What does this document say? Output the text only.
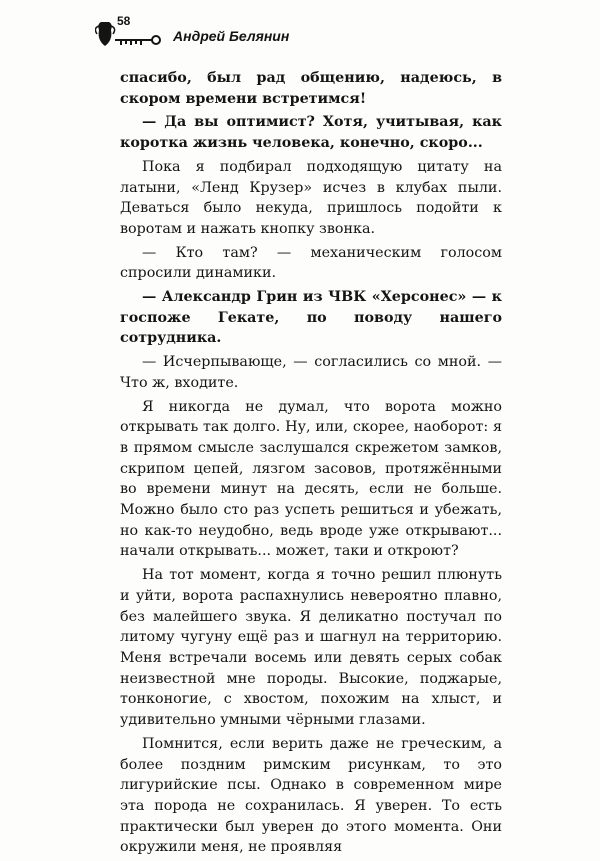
58
Андрей Белянин

спасибо, был рад общению, надеюсь, в скором времени встретимся!

— Да вы оптимист? Хотя, учитывая, как коротка жизнь человека, конечно, скоро...

Пока я подбирал подходящую цитату на латыни, «Ленд Крузер» исчез в клубах пыли. Деваться было некуда, пришлось подойти к воротам и нажать кнопку звонка.

— Кто там? — механическим голосом спросили динамики.

— Александр Грин из ЧВК «Херсонес» — к госпоже Гекате, по поводу нашего сотрудника.

— Исчерпывающе, — согласились со мной. — Что ж, входите.

Я никогда не думал, что ворота можно открывать так долго. Ну, или, скорее, наоборот: я в прямом смысле заслушался скрежетом замков, скрипом цепей, лязгом засовов, протяжёнными во времени минут на десять, если не больше. Можно было сто раз успеть решиться и убежать, но как-то неудобно, ведь вроде уже открывают... начали открывать... может, таки и откроют?

На тот момент, когда я точно решил плюнуть и уйти, ворота распахнулись невероятно плавно, без малейшего звука. Я деликатно постучал по литому чугуну ещё раз и шагнул на территорию. Меня встречали восемь или девять серых собак неизвестной мне породы. Высокие, поджарые, тонконогие, с хвостом, похожим на хлыст, и удивительно умными чёрными глазами.

Помнится, если верить даже не греческим, а более поздним римским рисункам, то это лигурийские псы. Однако в современном мире эта порода не сохранилась. Я уверен. То есть практически был уверен до этого момента. Они окружили меня, не проявляя
